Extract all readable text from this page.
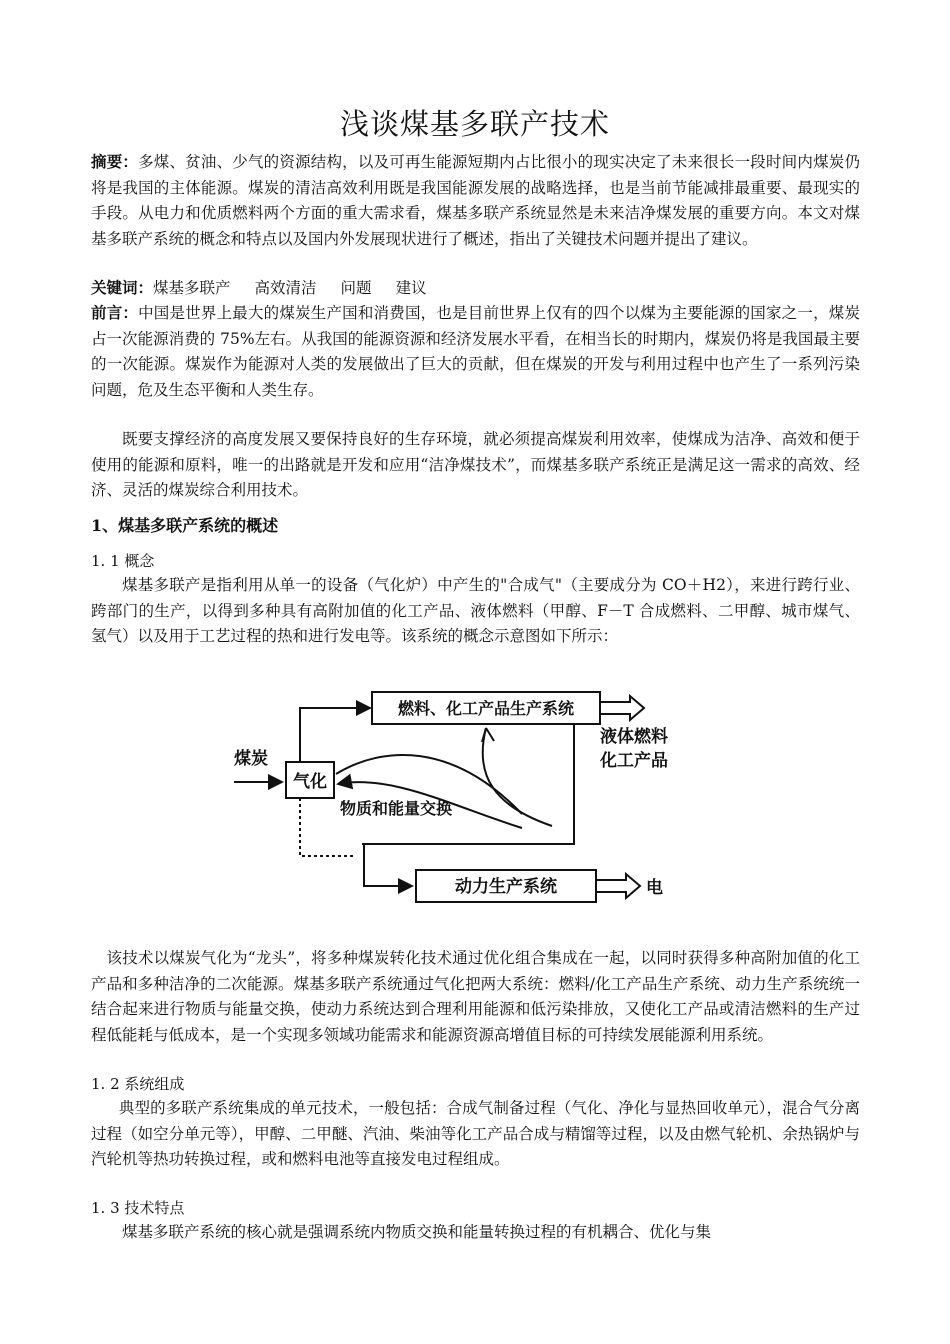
浅谈煤基多联产技术

摘要：多煤、贫油、少气的资源结构，以及可再生能源短期内占比很小的现实决定了未来很长一段时间内煤炭仍将是我国的主体能源。煤炭的清洁高效利用既是我国能源发展的战略选择，也是当前节能减排最重要、最现实的手段。从电力和优质燃料两个方面的重大需求看，煤基多联产系统显然是未来洁净煤发展的重要方向。本文对煤基多联产系统的概念和特点以及国内外发展现状进行了概述，指出了关键技术问题并提出了建议。

关键词：煤基多联产 高效清洁 问题 建议

前言：中国是世界上最大的煤炭生产国和消费国，也是目前世界上仅有的四个以煤为主要能源的国家之一，煤炭占一次能源消费的 75%左右。从我国的能源资源和经济发展水平看，在相当长的时期内，煤炭仍将是我国最主要的一次能源。煤炭作为能源对人类的发展做出了巨大的贡献，但在煤炭的开发与利用过程中也产生了一系列污染问题，危及生态平衡和人类生存。

既要支撑经济的高度发展又要保持良好的生存环境，就必须提高煤炭利用效率，使煤成为洁净、高效和便于使用的能源和原料，唯一的出路就是开发和应用“洁净煤技术”，而煤基多联产系统正是满足这一需求的高效、经济、灵活的煤炭综合利用技术。

1、煤基多联产系统的概述
1. 1 概念

煤基多联产是指利用从单一的设备（气化炉）中产生的"合成气"（主要成分为 CO＋H2），来进行跨行业、跨部门的生产，以得到多种具有高附加值的化工产品、液体燃料（甲醇、F－T 合成燃料、二甲醇、城市煤气、氢气）以及用于工艺过程的热和进行发电等。该系统的概念示意图如下所示：

燃料、化工产品生产系统
液体燃料
化工产品
煤炭
气化
物质和能量交换
动力生产系统	电

该技术以煤炭气化为“龙头”，将多种煤炭转化技术通过优化组合集成在一起，以同时获得多种高附加值的化工产品和多种洁净的二次能源。煤基多联产系统通过气化把两大系统：燃料/化工产品生产系统、动力生产系统统一结合起来进行物质与能量交换，使动力系统达到合理利用能源和低污染排放，又使化工产品或清洁燃料的生产过程低能耗与低成本，是一个实现多领域功能需求和能源资源高增值目标的可持续发展能源利用系统。

1. 2 系统组成

典型的多联产系统集成的单元技术，一般包括：合成气制备过程（气化、净化与显热回收单元），混合气分离过程（如空分单元等），甲醇、二甲醚、汽油、柴油等化工产品合成与精馏等过程，以及由燃气轮机、余热锅炉与汽轮机等热功转换过程，或和燃料电池等直接发电过程组成。

1. 3 技术特点

煤基多联产系统的核心就是强调系统内物质交换和能量转换过程的有机耦合、优化与集
